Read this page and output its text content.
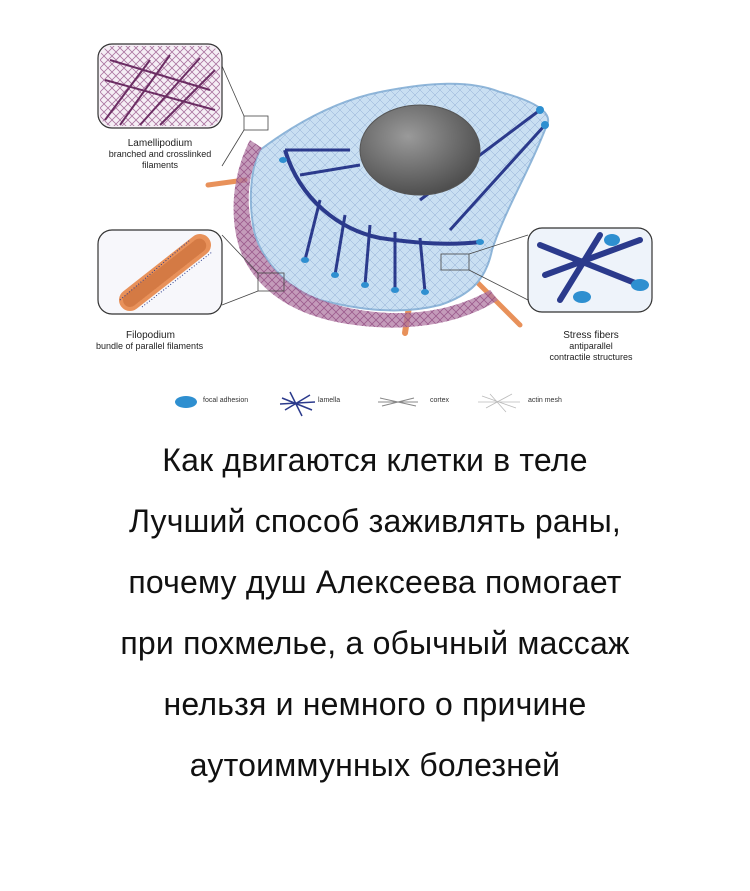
Lamellipodium
branched and crosslinked
filaments
Filopodium
bundle of parallel filaments
Stress fibers
antiparallel
contractile structures
focal adhesion	lamella	cortex	actin mesh
Как двигаются клетки в теле
Лучший способ заживлять раны,
почему душ Алексеева помогает
при похмелье, а обычный массаж
нельзя и немного о причине
аутоиммунных болезней
